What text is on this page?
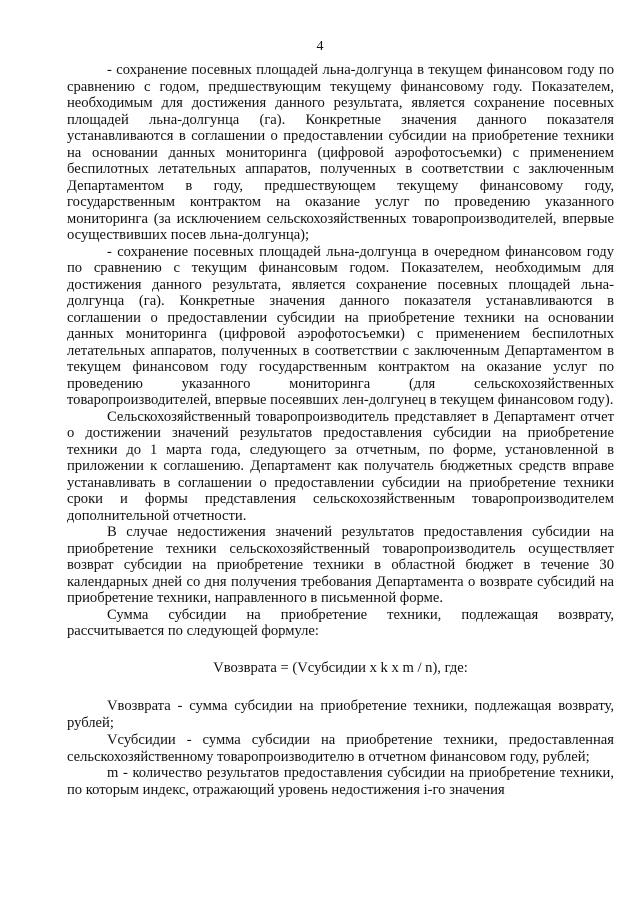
4

- сохранение посевных площадей льна-долгунца в текущем финансовом году по сравнению с годом, предшествующим текущему финансовому году. Показателем, необходимым для достижения данного результата, является сохранение посевных площадей льна-долгунца (га). Конкретные значения данного показателя устанавливаются в соглашении о предоставлении субсидии на приобретение техники на основании данных мониторинга (цифровой аэрофотосъемки) с применением беспилотных летательных аппаратов, полученных в соответствии с заключенным Департаментом в году, предшествующем текущему финансовому году, государственным контрактом на оказание услуг по проведению указанного мониторинга (за исключением сельскохозяйственных товаропроизводителей, впервые осуществивших посев льна-долгунца);

- сохранение посевных площадей льна-долгунца в очередном финансовом году по сравнению с текущим финансовым годом. Показателем, необходимым для достижения данного результата, является сохранение посевных площадей льна-долгунца (га). Конкретные значения данного показателя устанавливаются в соглашении о предоставлении субсидии на приобретение техники на основании данных мониторинга (цифровой аэрофотосъемки) с применением беспилотных летательных аппаратов, полученных в соответствии с заключенным Департаментом в текущем финансовом году государственным контрактом на оказание услуг по проведению указанного мониторинга (для сельскохозяйственных товаропроизводителей, впервые посеявших лен-долгунец в текущем финансовом году).

Сельскохозяйственный товаропроизводитель представляет в Департамент отчет о достижении значений результатов предоставления субсидии на приобретение техники до 1 марта года, следующего за отчетным, по форме, установленной в приложении к соглашению. Департамент как получатель бюджетных средств вправе устанавливать в соглашении о предоставлении субсидии на приобретение техники сроки и формы представления сельскохозяйственным товаропроизводителем дополнительной отчетности.

В случае недостижения значений результатов предоставления субсидии на приобретение техники сельскохозяйственный товаропроизводитель осуществляет возврат субсидии на приобретение техники в областной бюджет в течение 30 календарных дней со дня получения требования Департамента о возврате субсидий на приобретение техники, направленного в письменной форме.

Сумма субсидии на приобретение техники, подлежащая возврату, рассчитывается по следующей формуле:

Vвозврата = (Vсубсидии x k x m / n), где:

Vвозврата - сумма субсидии на приобретение техники, подлежащая возврату, рублей;

Vсубсидии - сумма субсидии на приобретение техники, предоставленная сельскохозяйственному товаропроизводителю в отчетном финансовом году, рублей;

m - количество результатов предоставления субсидии на приобретение техники, по которым индекс, отражающий уровень недостижения i-го значения
